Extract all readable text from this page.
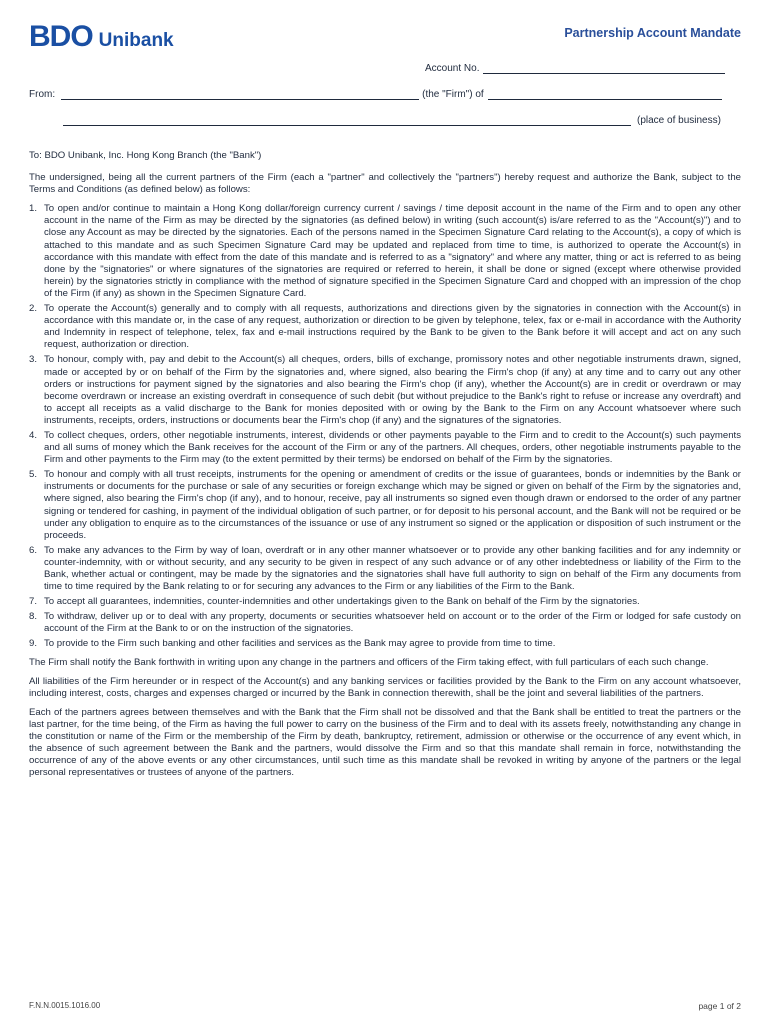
BDO Unibank	Partnership Account Mandate
Account No.
From:	(the "Firm") of
(place of business)

To: BDO Unibank, Inc. Hong Kong Branch (the "Bank")

The undersigned, being all the current partners of the Firm (each a "partner" and collectively the "partners") hereby request and authorize the Bank, subject to the Terms and Conditions (as defined below) as follows:

1. To open and/or continue to maintain a Hong Kong dollar/foreign currency current / savings / time deposit account in the name of the Firm and to open any other account in the name of the Firm as may be directed by the signatories (as defined below) in writing (such account(s) is/are referred to as the "Account(s)") and to close any Account as may be directed by the signatories. Each of the persons named in the Specimen Signature Card relating to the Account(s), a copy of which is attached to this mandate and as such Specimen Signature Card may be updated and replaced from time to time, is authorized to operate the Account(s) in accordance with this mandate with effect from the date of this mandate and is referred to as a "signatory" and where any matter, thing or act is referred to as being done by the "signatories" or where signatures of the signatories are required or referred to herein, it shall be done or signed (except where otherwise provided herein) by the signatories strictly in compliance with the method of signature specified in the Specimen Signature Card and chopped with an impression of the chop of the Firm (if any) as shown in the Specimen Signature Card.
2. To operate the Account(s) generally and to comply with all requests, authorizations and directions given by the signatories in connection with the Account(s) in accordance with this mandate or, in the case of any request, authorization or direction to be given by telephone, telex, fax or e-mail in accordance with the Authority and Indemnity in respect of telephone, telex, fax and e-mail instructions required by the Bank to be given to the Bank before it will accept and act on any such request, authorization or direction.
3. To honour, comply with, pay and debit to the Account(s) all cheques, orders, bills of exchange, promissory notes and other negotiable instruments drawn, signed, made or accepted by or on behalf of the Firm by the signatories and, where signed, also bearing the Firm's chop (if any) at any time and to carry out any other orders or instructions for payment signed by the signatories and also bearing the Firm's chop (if any), whether the Account(s) are in credit or overdrawn or may become overdrawn or increase an existing overdraft in consequence of such debit (but without prejudice to the Bank's right to refuse or increase any overdraft) and to accept all receipts as a valid discharge to the Bank for monies deposited with or owing by the Bank to the Firm on any Account whatsoever where such instruments, receipts, orders, instructions or documents bear the Firm's chop (if any) and the signatures of the signatories.
4. To collect cheques, orders, other negotiable instruments, interest, dividends or other payments payable to the Firm and to credit to the Account(s) such payments and all sums of money which the Bank receives for the account of the Firm or any of the partners. All cheques, orders, other negotiable instruments payable to the Firm and other payments to the Firm may (to the extent permitted by their terms) be endorsed on behalf of the Firm by the signatories.
5. To honour and comply with all trust receipts, instruments for the opening or amendment of credits or the issue of guarantees, bonds or indemnities by the Bank or instruments or documents for the purchase or sale of any securities or foreign exchange which may be signed or given on behalf of the Firm by the signatories and, where signed, also bearing the Firm's chop (if any), and to honour, receive, pay all instruments so signed even though drawn or endorsed to the order of any partner signing or tendered for cashing, in payment of the individual obligation of such partner, or for deposit to his personal account, and the Bank will not be required or be under any obligation to enquire as to the circumstances of the issuance or use of any instrument so signed or the application or disposition of such instrument or the proceeds.
6. To make any advances to the Firm by way of loan, overdraft or in any other manner whatsoever or to provide any other banking facilities and for any indemnity or counter-indemnity, with or without security, and any security to be given in respect of any such advance or of any other indebtedness or liability of the Firm to the Bank, whether actual or contingent, may be made by the signatories and the signatories shall have full authority to sign on behalf of the Firm any documents from time to time required by the Bank relating to or for securing any advances to the Firm or any liabilities of the Firm to the Bank.
7. To accept all guarantees, indemnities, counter-indemnities and other undertakings given to the Bank on behalf of the Firm by the signatories.
8. To withdraw, deliver up or to deal with any property, documents or securities whatsoever held on account or to the order of the Firm or lodged for safe custody on account of the Firm at the Bank to or on the instruction of the signatories.
9. To provide to the Firm such banking and other facilities and services as the Bank may agree to provide from time to time.

The Firm shall notify the Bank forthwith in writing upon any change in the partners and officers of the Firm taking effect, with full particulars of each such change.

All liabilities of the Firm hereunder or in respect of the Account(s) and any banking services or facilities provided by the Bank to the Firm on any account whatsoever, including interest, costs, charges and expenses charged or incurred by the Bank in connection therewith, shall be the joint and several liabilities of the partners.

Each of the partners agrees between themselves and with the Bank that the Firm shall not be dissolved and that the Bank shall be entitled to treat the partners or the last partner, for the time being, of the Firm as having the full power to carry on the business of the Firm and to deal with its assets freely, notwithstanding any change in the constitution or name of the Firm or the membership of the Firm by death, bankruptcy, retirement, admission or otherwise or the occurrence of any event which, in the absence of such agreement between the Bank and the partners, would dissolve the Firm and so that this mandate shall remain in force, notwithstanding the occurrence of any of the above events or any other circumstances, until such time as this mandate shall be revoked in writing by anyone of the partners or the legal personal representatives or trustees of anyone of the partners.

F.N.N.0015.1016.00	page 1 of 2
